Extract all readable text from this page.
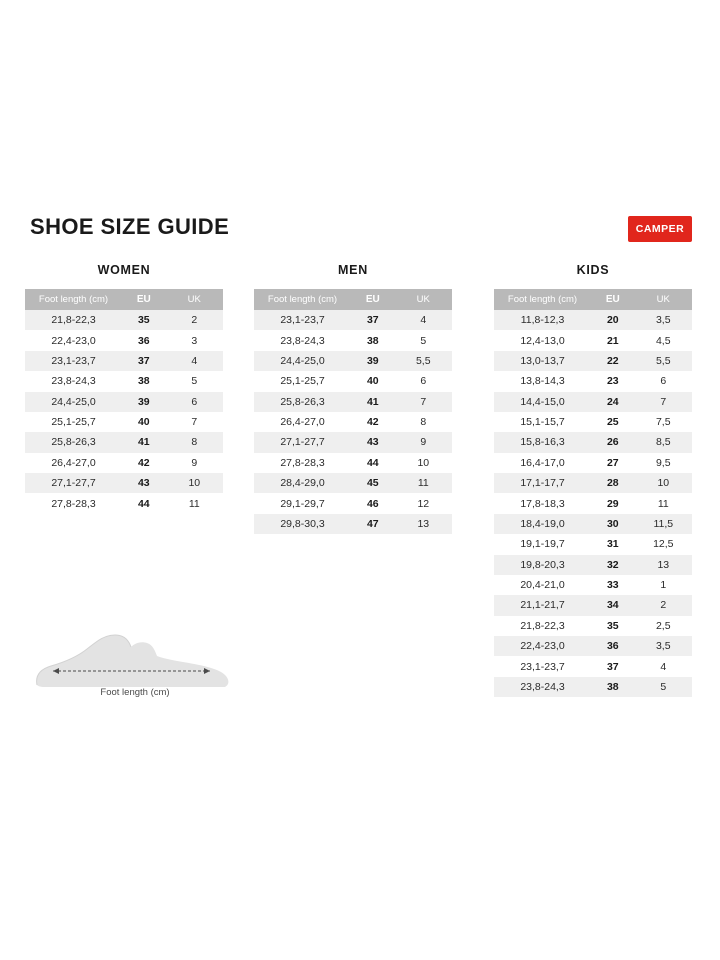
SHOE SIZE GUIDE	CAMPER
WOMEN
Foot length (cm)	EU	UK
21,8-22,3	35	2
22,4-23,0	36	3
23,1-23,7	37	4
23,8-24,3	38	5
24,4-25,0	39	6
25,1-25,7	40	7
25,8-26,3	41	8
26,4-27,0	42	9
27,1-27,7	43	10
27,8-28,3	44	11
MEN
Foot length (cm)	EU	UK
23,1-23,7	37	4
23,8-24,3	38	5
24,4-25,0	39	5,5
25,1-25,7	40	6
25,8-26,3	41	7
26,4-27,0	42	8
27,1-27,7	43	9
27,8-28,3	44	10
28,4-29,0	45	11
29,1-29,7	46	12
29,8-30,3	47	13
KIDS
Foot length (cm)	EU	UK
11,8-12,3	20	3,5
12,4-13,0	21	4,5
13,0-13,7	22	5,5
13,8-14,3	23	6
14,4-15,0	24	7
15,1-15,7	25	7,5
15,8-16,3	26	8,5
16,4-17,0	27	9,5
17,1-17,7	28	10
17,8-18,3	29	11
18,4-19,0	30	11,5
19,1-19,7	31	12,5
19,8-20,3	32	13
20,4-21,0	33	1
21,1-21,7	34	2
21,8-22,3	35	2,5
22,4-23,0	36	3,5
23,1-23,7	37	4
23,8-24,3	38	5
Foot length (cm)
